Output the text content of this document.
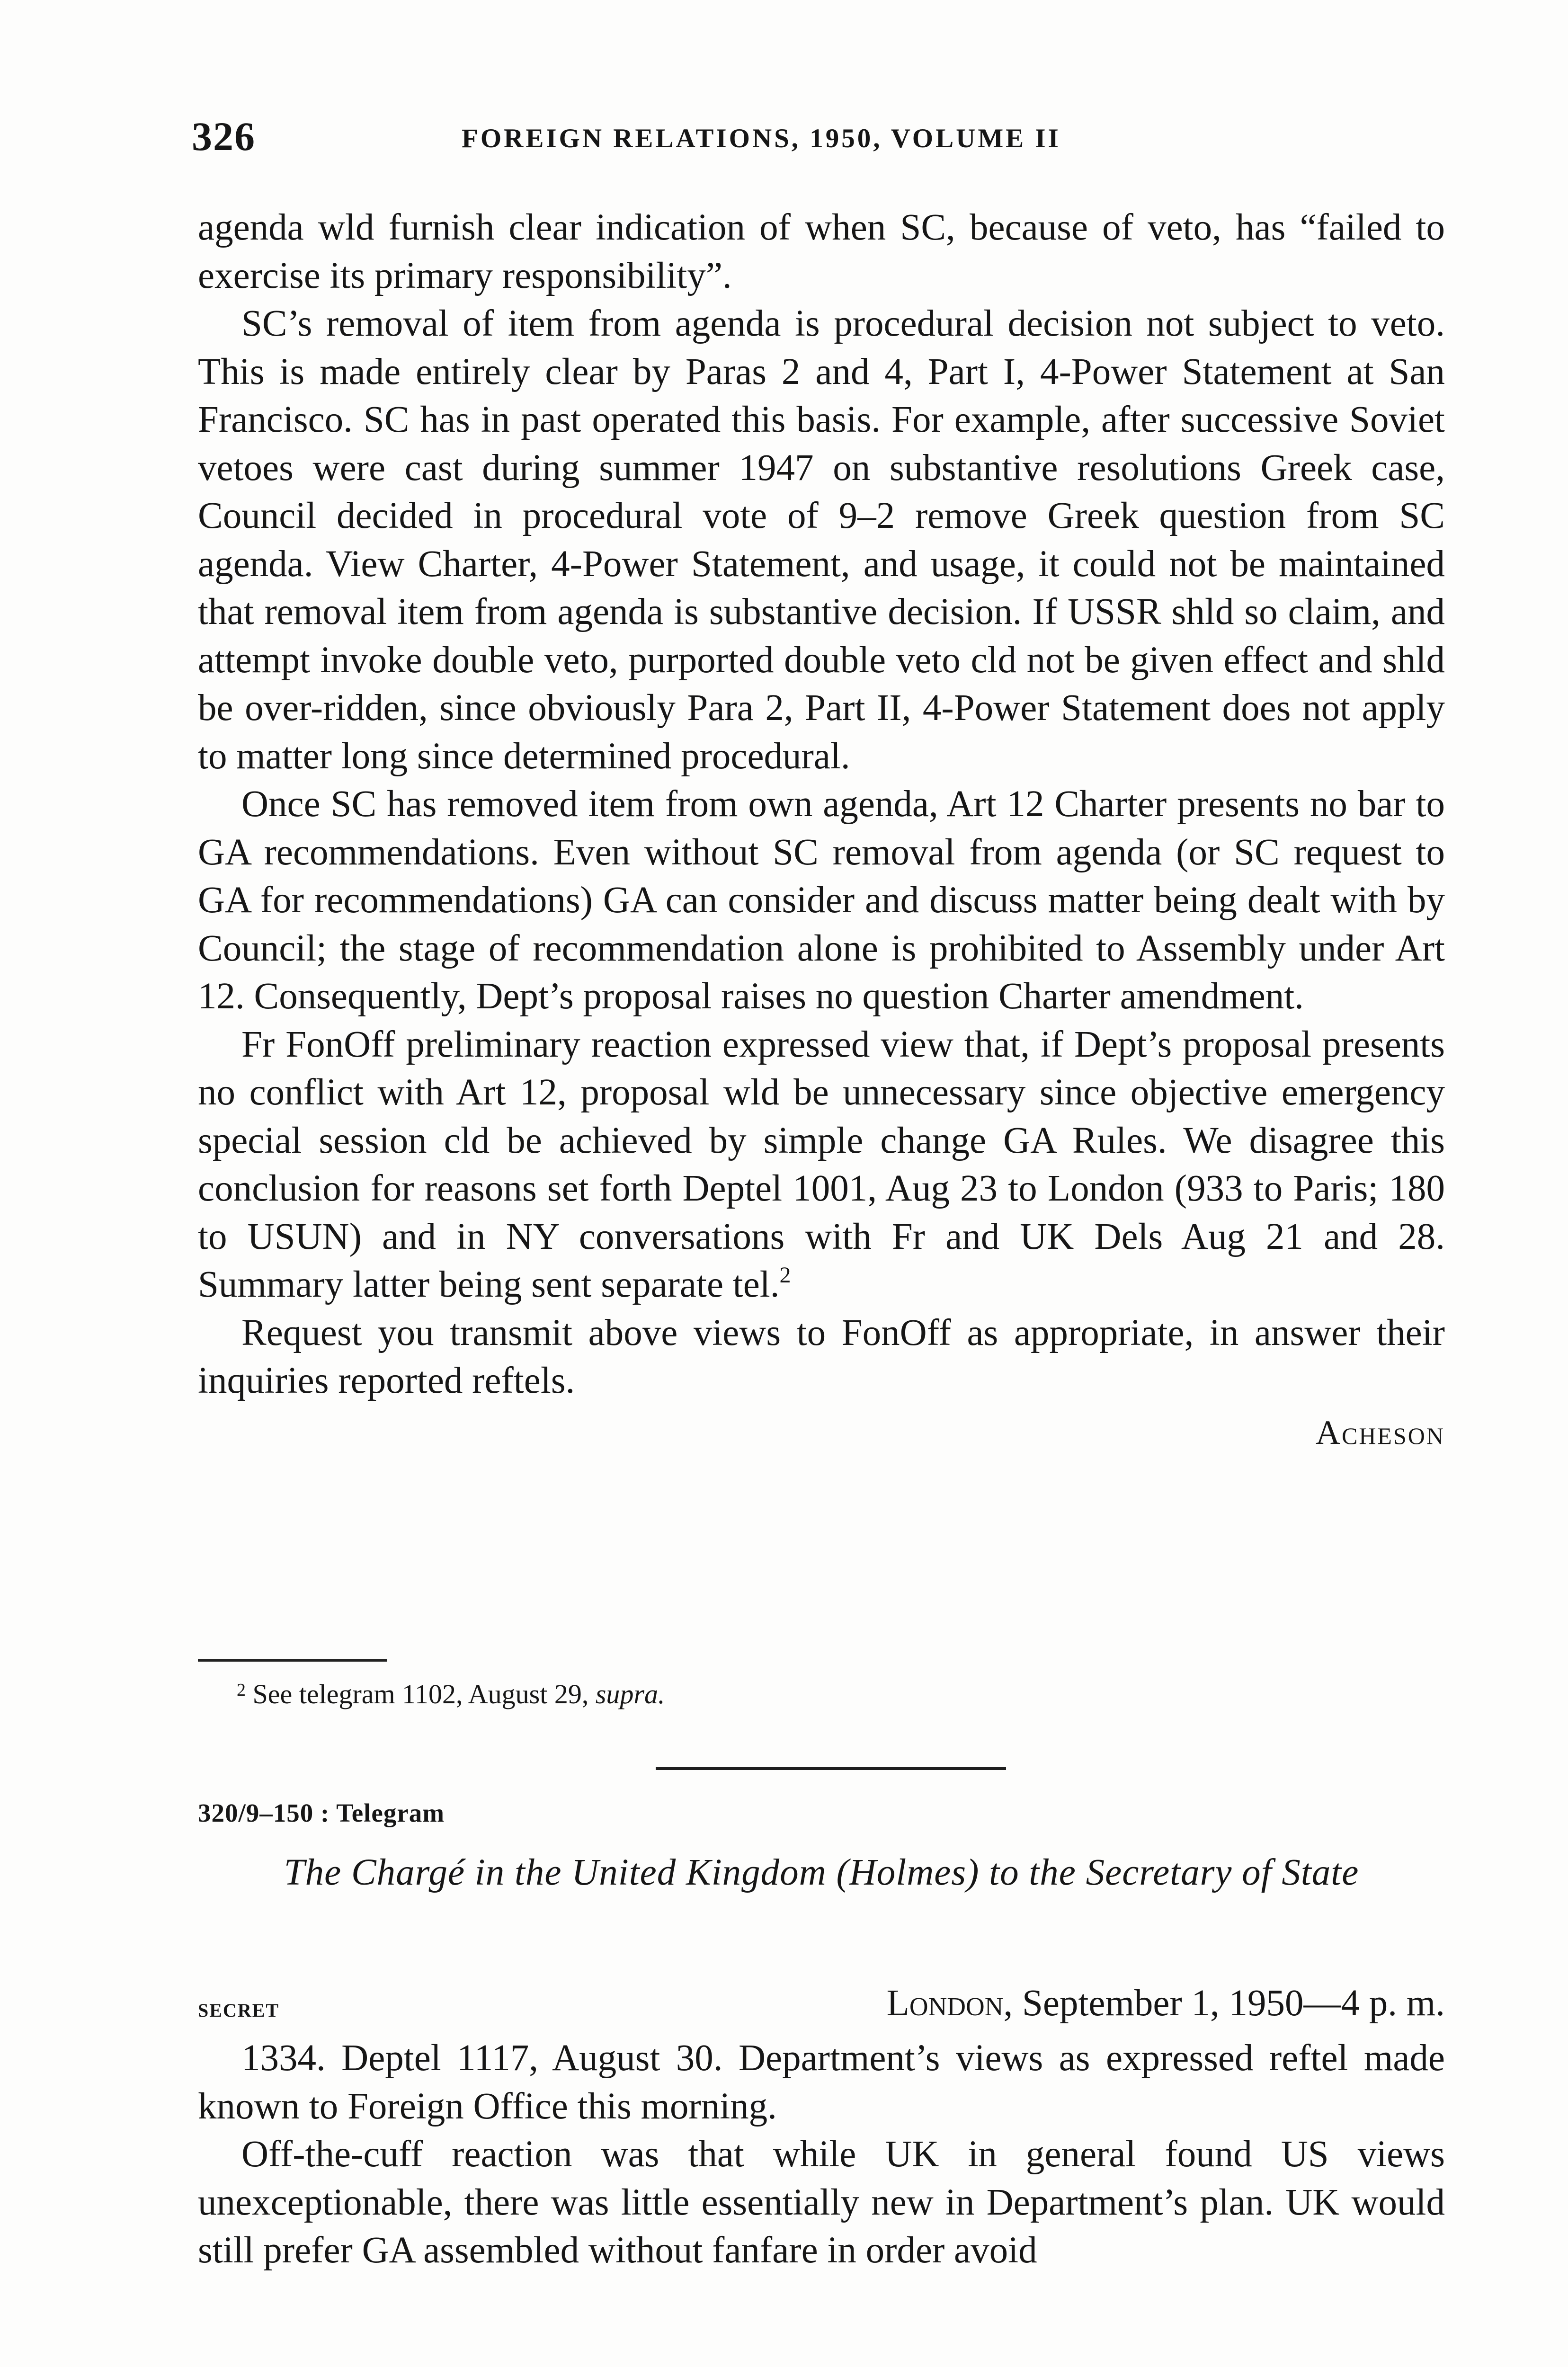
326	FOREIGN RELATIONS, 1950, VOLUME II

agenda wld furnish clear indication of when SC, because of veto, has “failed to exercise its primary responsibility”.

SC’s removal of item from agenda is procedural decision not subject to veto. This is made entirely clear by Paras 2 and 4, Part I, 4-Power Statement at San Francisco. SC has in past operated this basis. For example, after successive Soviet vetoes were cast during summer 1947 on substantive resolutions Greek case, Council decided in procedural vote of 9–2 remove Greek question from SC agenda. View Charter, 4-Power Statement, and usage, it could not be maintained that removal item from agenda is substantive decision. If USSR shld so claim, and attempt invoke double veto, purported double veto cld not be given effect and shld be over-ridden, since obviously Para 2, Part II, 4-Power Statement does not apply to matter long since determined procedural.

Once SC has removed item from own agenda, Art 12 Charter presents no bar to GA recommendations. Even without SC removal from agenda (or SC request to GA for recommendations) GA can consider and discuss matter being dealt with by Council; the stage of recommendation alone is prohibited to Assembly under Art 12. Consequently, Dept’s proposal raises no question Charter amendment.

Fr FonOff preliminary reaction expressed view that, if Dept’s proposal presents no conflict with Art 12, proposal wld be unnecessary since objective emergency special session cld be achieved by simple change GA Rules. We disagree this conclusion for reasons set forth Deptel 1001, Aug 23 to London (933 to Paris; 180 to USUN) and in NY conversations with Fr and UK Dels Aug 21 and 28. Summary latter being sent separate tel.$^2$

Request you transmit above views to FonOff as appropriate, in answer their inquiries reported reftels.

Acheson
$^2$ See telegram 1102, August 29, supra.
320/9–150 : Telegram
The Chargé in the United Kingdom (Holmes) to the Secretary of State
secret	London, September 1, 1950—4 p. m.

1334. Deptel 1117, August 30. Department’s views as expressed reftel made known to Foreign Office this morning.

Off-the-cuff reaction was that while UK in general found US views unexceptionable, there was little essentially new in Department’s plan. UK would still prefer GA assembled without fanfare in order avoid
